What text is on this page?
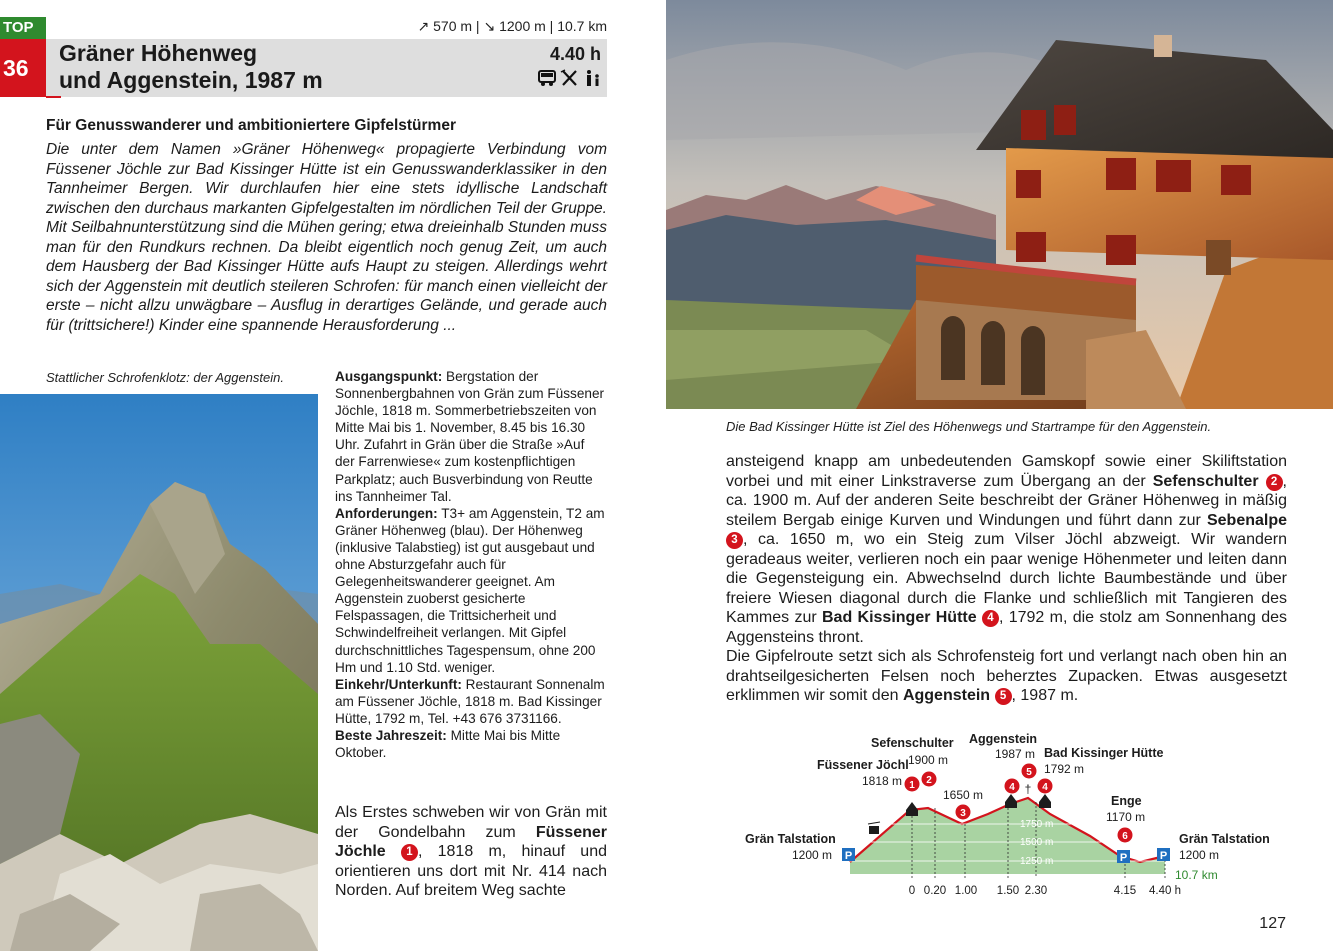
TOP
36
↗ 570 m | ↘ 1200 m | 10.7 km
Gräner Höhenweg
und Aggenstein, 1987 m
4.40 h
Für Genusswanderer und ambitioniertere Gipfelstürmer
Die unter dem Namen »Gräner Höhenweg« propagierte Verbindung vom Füssener Jöchle zur Bad Kissinger Hütte ist ein Genusswanderklassiker in den Tannheimer Bergen. Wir durchlaufen hier eine stets idyllische Landschaft zwischen den durchaus markanten Gipfelgestalten im nördlichen Teil der Gruppe. Mit Seilbahnunterstützung sind die Mühen gering; etwa dreieinhalb Stunden muss man für den Rundkurs rechnen. Da bleibt eigentlich noch genug Zeit, um auch dem Hausberg der Bad Kissinger Hütte aufs Haupt zu steigen. Allerdings wehrt sich der Aggenstein mit deutlich steileren Schrofen: für manch einen vielleicht der erste – nicht allzu unwägbare – Ausflug in derartiges Gelände, und gerade auch für (trittsichere!) Kinder eine spannende Herausforderung ...
Stattlicher Schrofenklotz: der Aggenstein.	Ausgangspunkt: Bergstation der Sonnenbergbahnen von Grän zum Füssener Jöchle, 1818 m. Sommerbetriebszeiten von Mitte Mai bis 1. November, 8.45 bis 16.30 Uhr. Zufahrt in Grän über die Straße »Auf der Farrenwiese« zum kostenpflichtigen Parkplatz; auch Busverbindung von Reutte ins Tannheimer Tal.

Anforderungen: T3+ am Aggenstein, T2 am Gräner Höhenweg (blau). Der Höhenweg (inklusive Talabstieg) ist gut ausgebaut und ohne Absturzgefahr auch für Gelegenheitswanderer geeignet. Am Aggenstein zuoberst gesicherte Felspassagen, die Trittsicherheit und Schwindelfreiheit verlangen. Mit Gipfel durchschnittliches Tagespensum, ohne 200 Hm und 1.10 Std. weniger.

Einkehr/Unterkunft: Restaurant Sonnenalm am Füssener Jöchle, 1818 m. Bad Kissinger Hütte, 1792 m, Tel. +43 676 3731166.

Beste Jahreszeit: Mitte Mai bis Mitte Oktober.

Als Erstes schweben wir von Grän mit der Gondelbahn zum Füssener Jöchle 1 , 1818 m, hinauf und orientieren uns dort mit Nr. 414 nach Norden. Auf breitem Weg sachte
Die Bad Kissinger Hütte ist Ziel des Höhenwegs und Startrampe für den Aggenstein.
ansteigend knapp am unbedeutenden Gamskopf sowie einer Skiliftstation vorbei und mit einer Linkstraverse zum Übergang an der Sefenschulter 2 , ca. 1900 m. Auf der anderen Seite beschreibt der Gräner Höhenweg in mäßig steilem Bergab einige Kurven und Windungen und führt dann zur Sebenalpe 3 , ca. 1650 m, wo ein Steig zum Vilser Jöchl abzweigt. Wir wandern geradeaus weiter, verlieren noch ein paar wenige Höhenmeter und leiten dann die Gegensteigung ein. Abwechselnd durch lichte Baumbestände und über freiere Wiesen diagonal durch die Flanke und schließlich mit Tangieren des Kammes zur Bad Kissinger Hütte 4 , 1792 m, die stolz am Sonnenhang des Aggensteins thront.
Die Gipfelroute setzt sich als Schrofensteig fort und verlangt nach oben hin an drahtseilgesicherten Felsen noch beherztes Zupacken. Etwas ausgesetzt erklimmen wir somit den Aggenstein 5 , 1987 m.
1750 m
1500 m
1250 m
Grän Talstation
1200 m
Füssener Jöchl
1818 m
Sefenschulter
1900 m
1650 m
Aggenstein
1987 m Bad Kissinger Hütte
1792 m
Enge
1170 m
Grän Talstation
1200 m
1 2
3
5
4	4
6
†
P	P	P
0 0.20 1.00 1.50 2.30	4.15 4.40 h
10.7 km
127
